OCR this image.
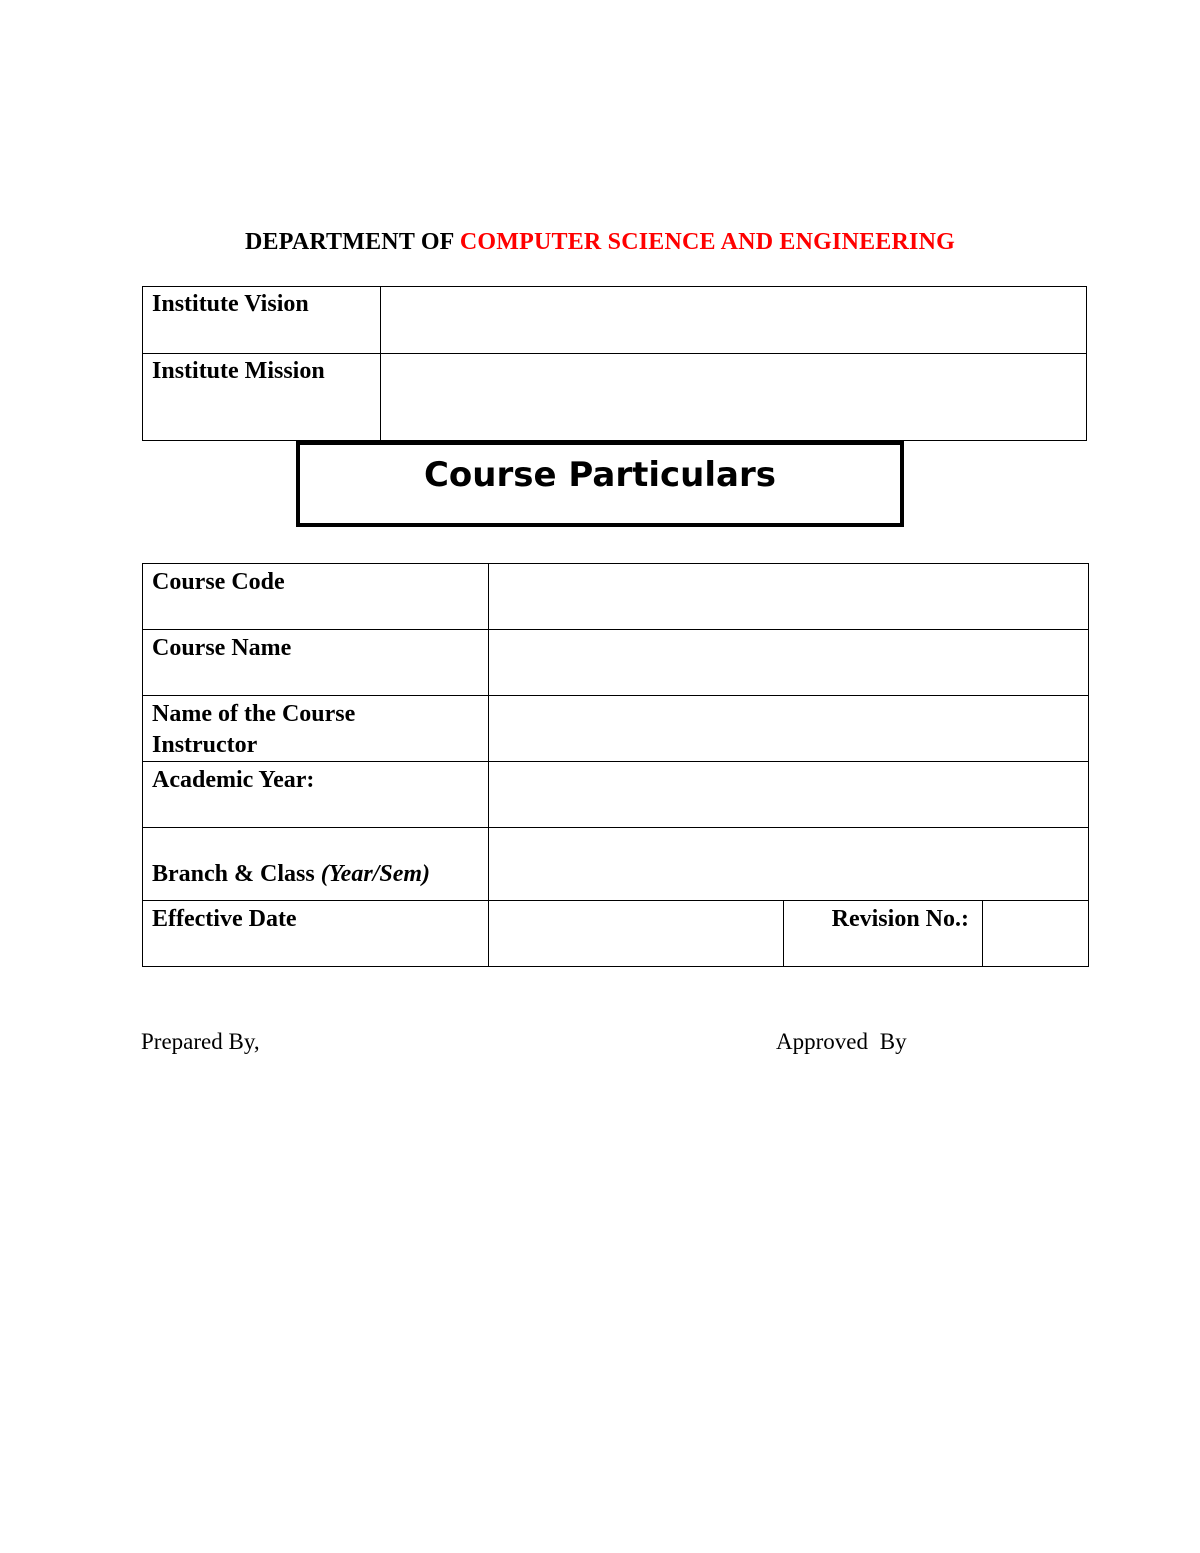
DEPARTMENT OF COMPUTER SCIENCE AND ENGINEERING
Institute Vision	
Institute Mission	
Course Particulars
Course Code			
Course Name			
Name of the Course
Instructor			
Academic Year:			
Branch & Class (Year/Sem)			
Effective Date		Revision No.:	
Prepared By,	Approved By
